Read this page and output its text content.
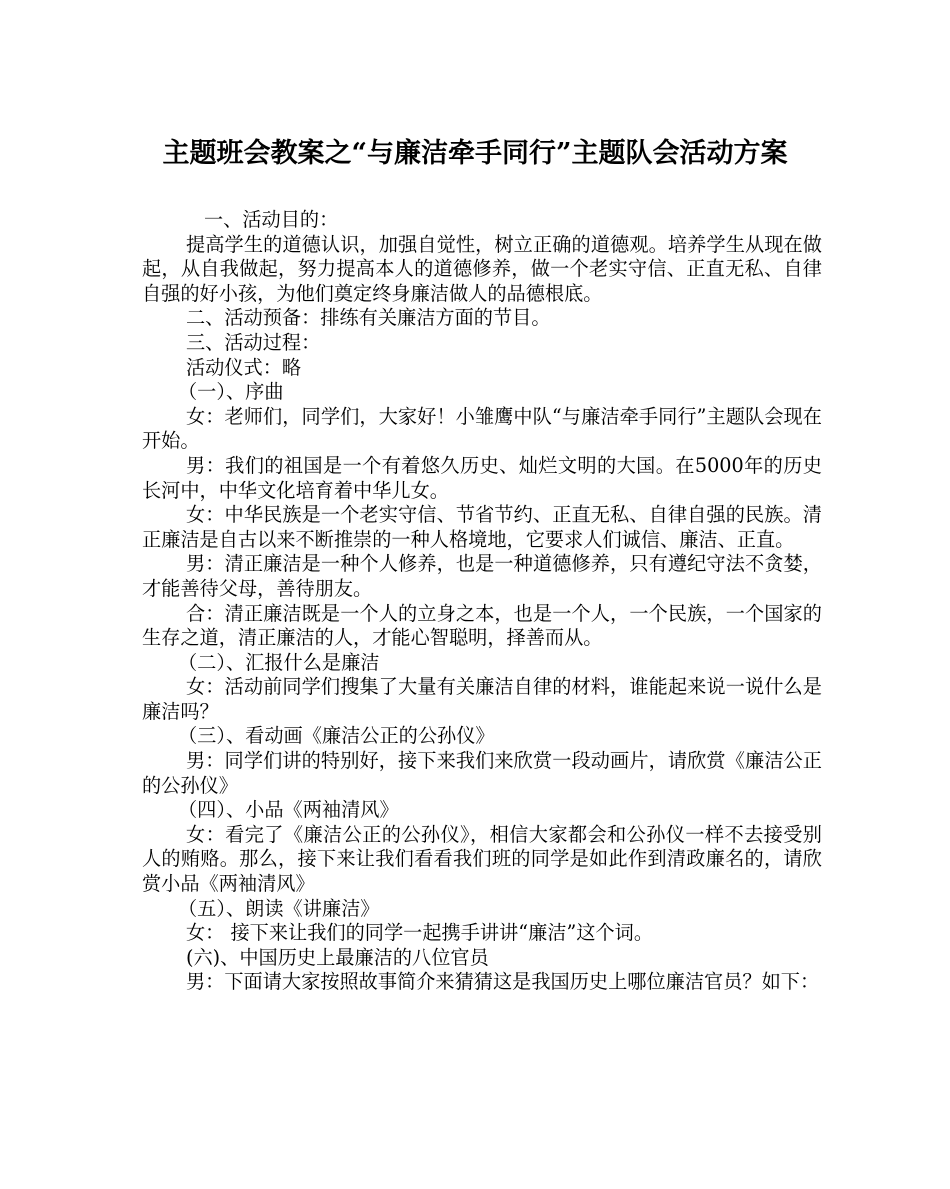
主题班会教案之“与廉洁牵手同行”主题队会活动方案

一、活动目的：

提高学生的道德认识，加强自觉性，树立正确的道德观。培养学生从现在做起，从自我做起，努力提高本人的道德修养，做一个老实守信、正直无私、自律自强的好小孩，为他们奠定终身廉洁做人的品德根底。

二、活动预备：排练有关廉洁方面的节目。

三、活动过程：

活动仪式：略

（一）、序曲

女：老师们，同学们，大家好！小雏鹰中队“与廉洁牵手同行”主题队会现在开始。

男：我们的祖国是一个有着悠久历史、灿烂文明的大国。在5000年的历史长河中，中华文化培育着中华儿女。

女：中华民族是一个老实守信、节省节约、正直无私、自律自强的民族。清正廉洁是自古以来不断推崇的一种人格境地，它要求人们诚信、廉洁、正直。

男：清正廉洁是一种个人修养，也是一种道德修养，只有遵纪守法不贪婪，才能善待父母，善待朋友。

合：清正廉洁既是一个人的立身之本，也是一个人，一个民族，一个国家的生存之道，清正廉洁的人，才能心智聪明，择善而从。

（二）、汇报什么是廉洁

女：活动前同学们搜集了大量有关廉洁自律的材料，谁能起来说一说什么是廉洁吗？

（三）、看动画《廉洁公正的公孙仪》

男：同学们讲的特别好，接下来我们来欣赏一段动画片，请欣赏《廉洁公正的公孙仪》

（四）、小品《两袖清风》

女：看完了《廉洁公正的公孙仪》，相信大家都会和公孙仪一样不去接受别人的贿赂。那么，接下来让我们看看我们班的同学是如此作到清政廉名的，请欣赏小品《两袖清风》

（五）、朗读《讲廉洁》

女： 接下来让我们的同学一起携手讲讲“廉洁”这个词。

(六)、中国历史上最廉洁的八位官员

男：下面请大家按照故事简介来猜猜这是我国历史上哪位廉洁官员？如下：
